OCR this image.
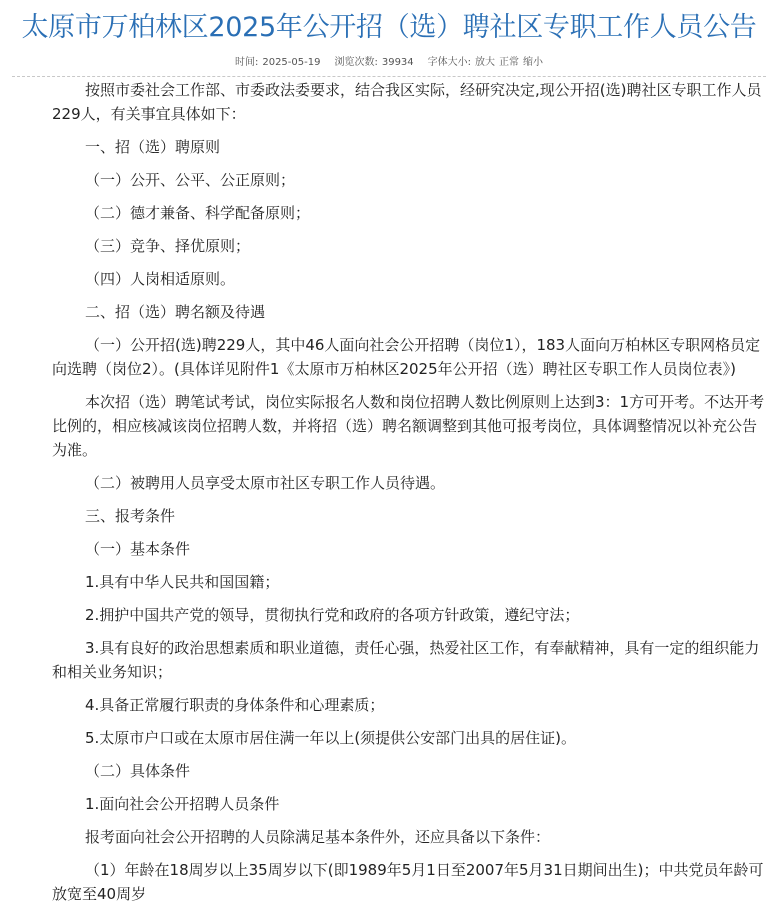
太原市万柏林区2025年公开招（选）聘社区专职工作人员公告
时间: 2025-05-19 浏览次数: 39934 字体大小: 放大 正常 缩小

按照市委社会工作部、市委政法委要求，结合我区实际，经研究决定,现公开招(选)聘社区专职工作人员229人，有关事宜具体如下：

一、招（选）聘原则

（一）公开、公平、公正原则；

（二）德才兼备、科学配备原则；

（三）竞争、择优原则；

（四）人岗相适原则。

二、招（选）聘名额及待遇

（一）公开招(选)聘229人，其中46人面向社会公开招聘（岗位1），183人面向万柏林区专职网格员定向选聘（岗位2）。(具体详见附件1《太原市万柏林区2025年公开招（选）聘社区专职工作人员岗位表》)

本次招（选）聘笔试考试，岗位实际报名人数和岗位招聘人数比例原则上达到3：1方可开考。不达开考比例的，相应核减该岗位招聘人数，并将招（选）聘名额调整到其他可报考岗位，具体调整情况以补充公告为准。

（二）被聘用人员享受太原市社区专职工作人员待遇。

三、报考条件

（一）基本条件

1.具有中华人民共和国国籍；

2.拥护中国共产党的领导，贯彻执行党和政府的各项方针政策，遵纪守法；

3.具有良好的政治思想素质和职业道德，责任心强，热爱社区工作，有奉献精神，具有一定的组织能力和相关业务知识；

4.具备正常履行职责的身体条件和心理素质；

5.太原市户口或在太原市居住满一年以上(须提供公安部门出具的居住证)。

（二）具体条件

1.面向社会公开招聘人员条件

报考面向社会公开招聘的人员除满足基本条件外，还应具备以下条件：

（1）年龄在18周岁以上35周岁以下(即1989年5月1日至2007年5月31日期间出生)；中共党员年龄可放宽至40周岁
